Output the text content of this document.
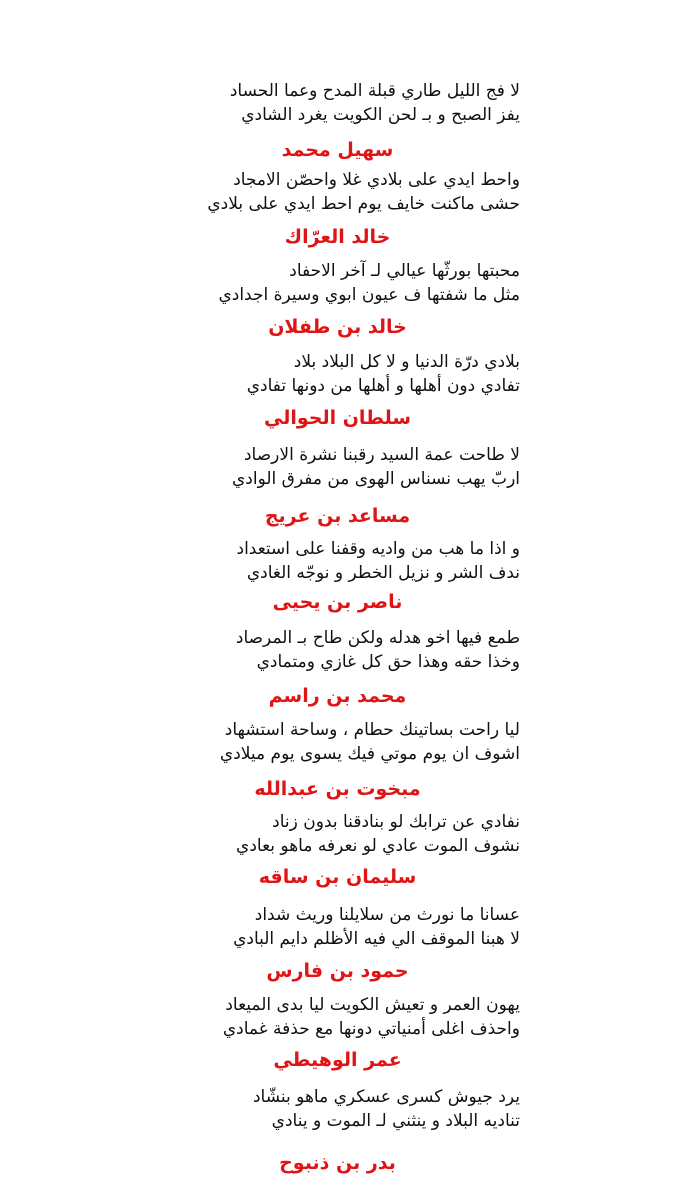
لا فج الليل طاري قبلة المدح وعما الحساد
يفز الصبح و بـ لحن الكويت يغرد الشادي
سهيل محمد
واحط ايدي على بلادي غلا واحصّن الامجاد
حشى ماكنت خايف يوم احط ايدي على بلادي
خالد العرّاك
محبتها بورثّها عيالي لـ آخر الاحفاد
مثل ما شفتها ف عيون ابوي وسيرة اجدادي
خالد بن طفلان
بلادي درّة الدنيا و لا كل البلاد بلاد
تفادي دون أهلها و أهلها من دونها تفادي
سلطان الحوالي
لا طاحت عمة السيد رقبنا نشرة الارصاد
اربّ يهب نسناس الهوى من مفرق الوادي
مساعد بن عريج
و اذا ما هب من واديه وقفنا على استعداد
ندف الشر و نزيل الخطر و نوجّه الغادي
ناصر بن يحيى
طمع فيها اخو هدله ولكن طاح بـ المرصاد
وخذا حقه وهذا حق كل غازي ومتمادي
محمد بن راسم
ليا راحت بساتينك حطام ، وساحة استشهاد
اشوف ان يوم موتي فيك يسوى يوم ميلادي
مبخوت بن عبدالله
نفادي عن ترابك لو بنادقنا بدون زناد
نشوف الموت عادي لو نعرفه ماهو بعادي
سليمان بن ساقه
عسانا ما نورث من سلايلنا وريث شداد
لا هبنا الموقف الي فيه الأظلم دايم البادي
حمود بن فارس
يهون العمر و تعيش الكويت ليا بدى الميعاد
واحذف اغلى أمنياتي دونها مع حذفة غمادي
عمر الوهيطي
يرد جيوش كسرى عسكري ماهو بنشّاد
تناديه البلاد و ينثني لـ الموت و ينادي
بدر بن ذنبوح
